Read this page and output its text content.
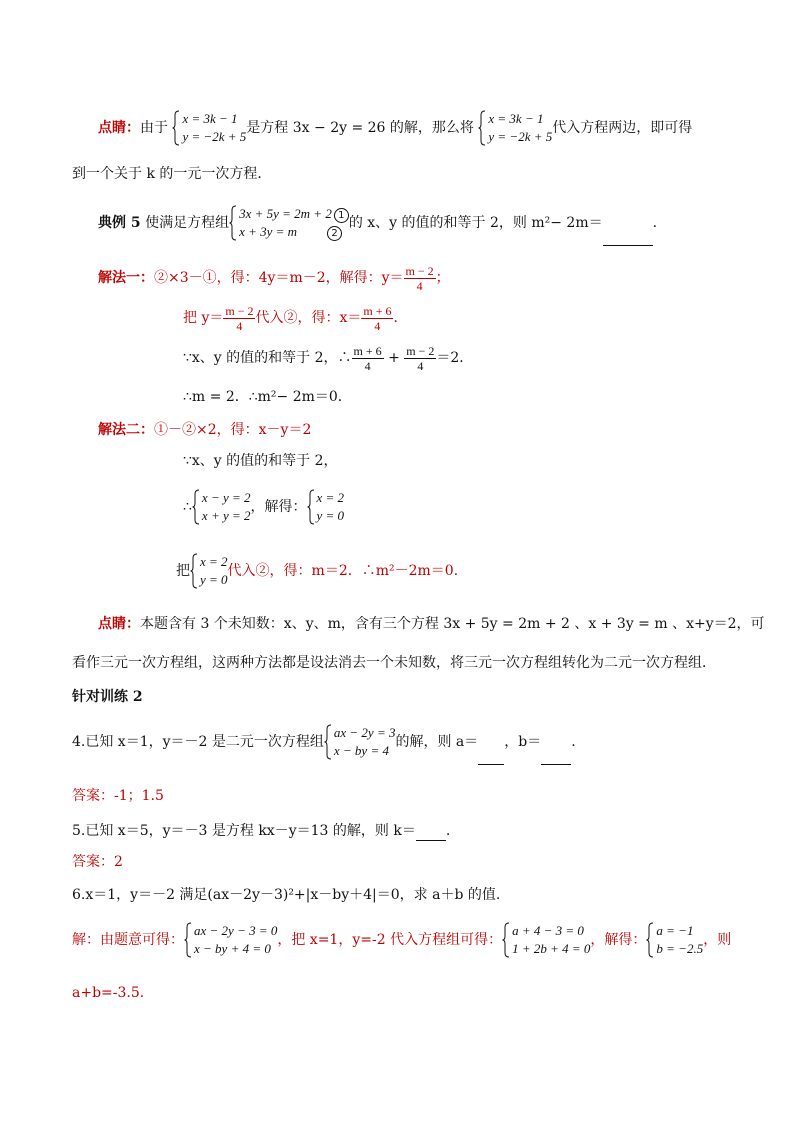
点睛：由于
x = 3k − 1
y = −2k + 5
是方程 3x − 2y = 26 的解，那么将
x = 3k − 1
y = −2k + 5
代入方程两边，即可得
到一个关于 k 的一元一次方程．
典例 5 使满足方程组
3x + 5y = 2m + 2 1
x + 3y = m	2
的 x、y 的值的和等于 2，则 m²− 2m＝	．
解法一：②×3－①，得：4y＝m－2，解得：$y= \frac{m - 2}{4}$ ；
把 $y= \frac{m - 2}{4}$ 代入②，得：$x= \frac{m + 6}{4}$ ．
∵x、y 的值的和等于 2，∴ $\frac{m + 6}{4} + \frac{m - 2}{4} =2$．
∴m = 2．∴m²− 2m＝0．
解法二：①－②×2，得：x－y＝2
∵x、y 的值的和等于 2，
∴
x − y = 2
x + y = 2
，解得：
x = 2
y = 0
把
x = 2
y = 0
代入②，得：m＝2．∴m²－2m＝0．
点睛：本题含有 3 个未知数：x、y、m，含有三个方程 3x + 5y = 2m + 2 、x + 3y = m 、x+y＝2，可
看作三元一次方程组，这两种方法都是设法消去一个未知数，将三元一次方程组转化为二元一次方程组．
针对训练 2
4.已知 x＝1，y＝－2 是二元一次方程组
ax − 2y = 3
x − by = 4
的解，则 a＝ ，b＝ .
答案：-1；1.5
5.已知 x＝5，y＝－3 是方程 kx－y＝13 的解，则 k＝ .
答案：2
6.x＝1，y＝－2 满足(ax－2y－3)²+|x－by＋4|＝0，求 a＋b 的值.
解：由题意可得：
ax − 2y − 3 = 0
x − by + 4 = 0
，把 x=1，y=-2 代入方程组可得：
a + 4 − 3 = 0
1 + 2b + 4 = 0
，解得：
a = −1
b = −2.5
，则
a+b=-3.5.
